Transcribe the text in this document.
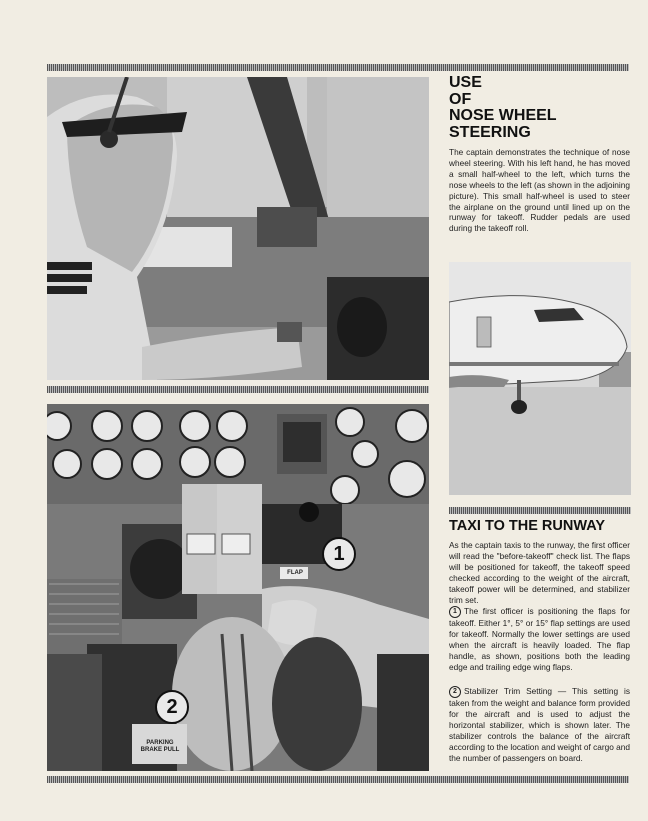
USE
OF
NOSE WHEEL
STEERING

The captain demonstrates the technique of nose wheel steering. With his left hand, he has moved a small half-wheel to the left, which turns the nose wheels to the left (as shown in the adjoining picture). This small half-wheel is used to steer the airplane on the ground until lined up on the runway for takeoff. Rudder pedals are used during the takeoff roll.

FLAP
PARKING BRAKE PULL
1
2
TAXI TO THE RUNWAY

As the captain taxis to the runway, the first officer will read the "before-takeoff" check list. The flaps will be positioned for takeoff, the takeoff speed checked according to the weight of the aircraft, takeoff power will be determined, and stabilizer trim set.

1 The first officer is positioning the flaps for takeoff. Either 1°, 5° or 15° flap settings are used for takeoff. Normally the lower settings are used when the aircraft is heavily loaded. The flap handle, as shown, positions both the leading edge and trailing edge wing flaps.

2 Stabilizer Trim Setting — This setting is taken from the weight and balance form provided for the aircraft and is used to adjust the horizontal stabilizer, which is shown later. The stabilizer controls the balance of the aircraft according to the location and weight of cargo and the number of passengers on board.
